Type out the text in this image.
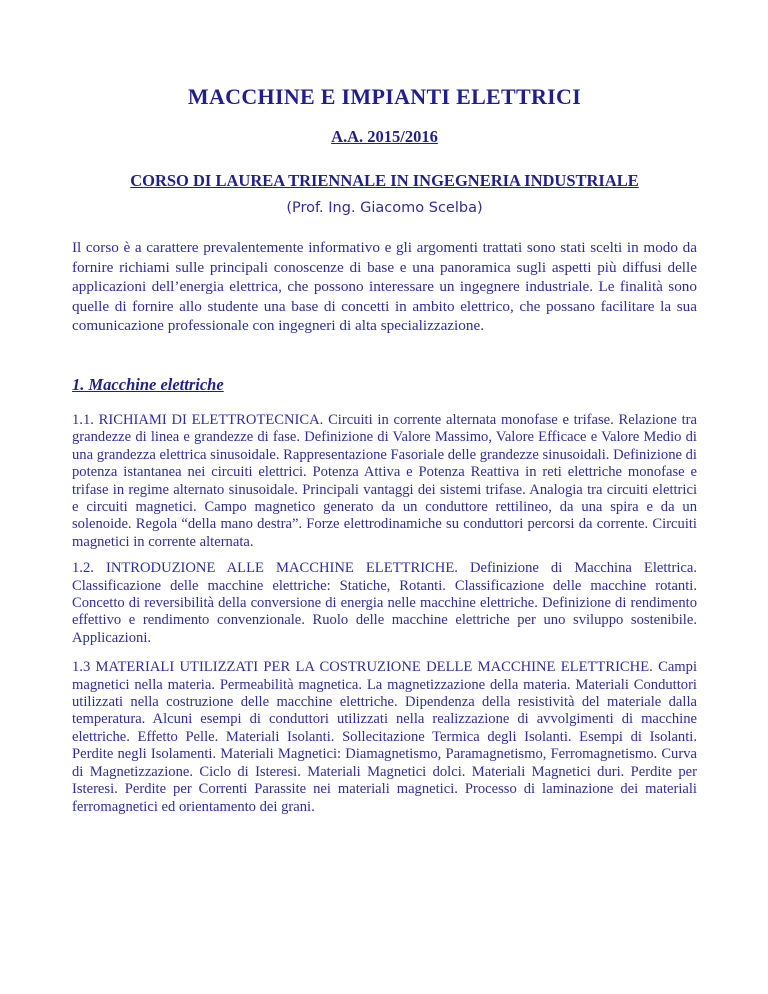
MACCHINE E IMPIANTI ELETTRICI
A.A. 2015/2016
CORSO DI LAUREA TRIENNALE IN INGEGNERIA INDUSTRIALE
(Prof. Ing. Giacomo Scelba)

Il corso è a carattere prevalentemente informativo e gli argomenti trattati sono stati scelti in modo da fornire richiami sulle principali conoscenze di base e una panoramica sugli aspetti più diffusi delle applicazioni dell’energia elettrica, che possono interessare un ingegnere industriale. Le finalità sono quelle di fornire allo studente una base di concetti in ambito elettrico, che possano facilitare la sua comunicazione professionale con ingegneri di alta specializzazione.

1. Macchine elettriche

1.1. RICHIAMI DI ELETTROTECNICA. Circuiti in corrente alternata monofase e trifase. Relazione tra grandezze di linea e grandezze di fase. Definizione di Valore Massimo, Valore Efficace e Valore Medio di una grandezza elettrica sinusoidale. Rappresentazione Fasoriale delle grandezze sinusoidali. Definizione di potenza istantanea nei circuiti elettrici. Potenza Attiva e Potenza Reattiva in reti elettriche monofase e trifase in regime alternato sinusoidale. Principali vantaggi dei sistemi trifase. Analogia tra circuiti elettrici e circuiti magnetici. Campo magnetico generato da un conduttore rettilineo, da una spira e da un solenoide. Regola “della mano destra”. Forze elettrodinamiche su conduttori percorsi da corrente. Circuiti magnetici in corrente alternata.

1.2. INTRODUZIONE ALLE MACCHINE ELETTRICHE. Definizione di Macchina Elettrica. Classificazione delle macchine elettriche: Statiche, Rotanti. Classificazione delle macchine rotanti. Concetto di reversibilità della conversione di energia nelle macchine elettriche. Definizione di rendimento effettivo e rendimento convenzionale. Ruolo delle macchine elettriche per uno sviluppo sostenibile. Applicazioni.

1.3 MATERIALI UTILIZZATI PER LA COSTRUZIONE DELLE MACCHINE ELETTRICHE. Campi magnetici nella materia. Permeabilità magnetica. La magnetizzazione della materia. Materiali Conduttori utilizzati nella costruzione delle macchine elettriche. Dipendenza della resistività del materiale dalla temperatura. Alcuni esempi di conduttori utilizzati nella realizzazione di avvolgimenti di macchine elettriche. Effetto Pelle. Materiali Isolanti. Sollecitazione Termica degli Isolanti. Esempi di Isolanti. Perdite negli Isolamenti. Materiali Magnetici: Diamagnetismo, Paramagnetismo, Ferromagnetismo. Curva di Magnetizzazione. Ciclo di Isteresi. Materiali Magnetici dolci. Materiali Magnetici duri. Perdite per Isteresi. Perdite per Correnti Parassite nei materiali magnetici. Processo di laminazione dei materiali ferromagnetici ed orientamento dei grani.
